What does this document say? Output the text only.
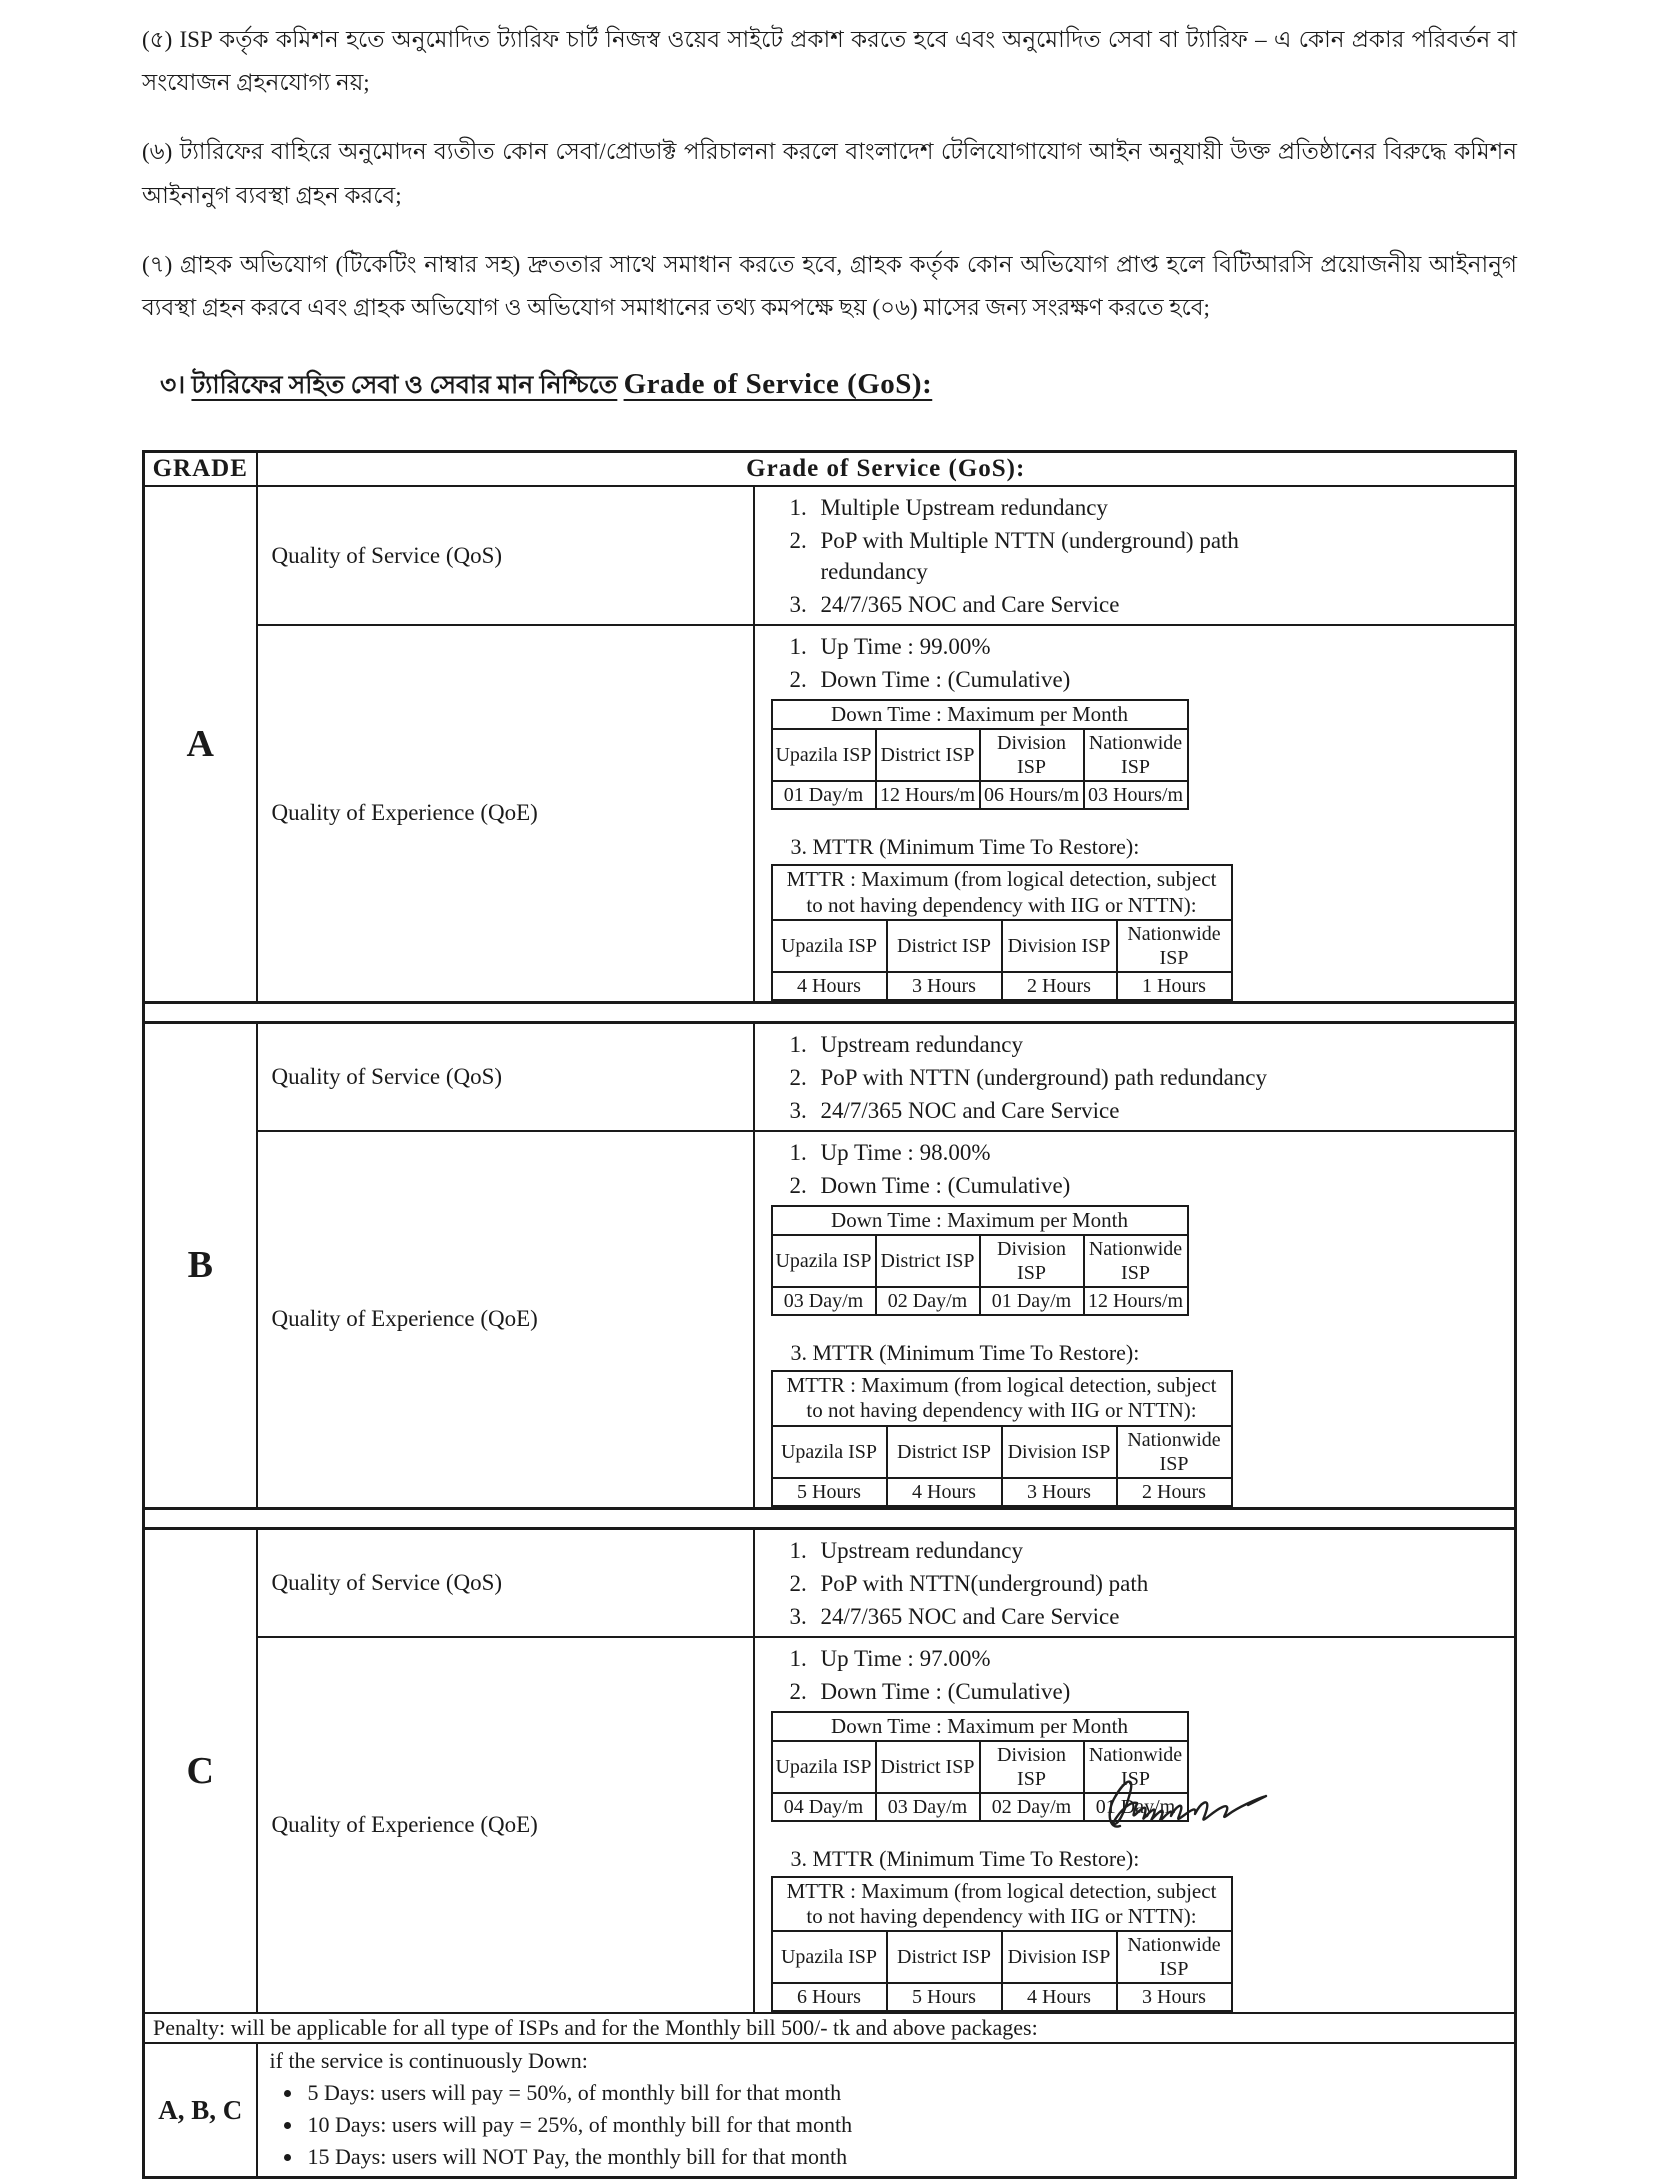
(৫) ISP কর্তৃক কমিশন হতে অনুমোদিত ট্যারিফ চার্ট নিজস্ব ওয়েব সাইটে প্রকাশ করতে হবে এবং অনুমোদিত সেবা বা ট্যারিফ – এ কোন প্রকার পরিবর্তন বা সংযোজন গ্রহনযোগ্য নয়;

(৬) ট্যারিফের বাহিরে অনুমোদন ব্যতীত কোন সেবা/প্রোডাক্ট পরিচালনা করলে বাংলাদেশ টেলিযোগাযোগ আইন অনুযায়ী উক্ত প্রতিষ্ঠানের বিরুদ্ধে কমিশন আইনানুগ ব্যবস্থা গ্রহন করবে;

(৭) গ্রাহক অভিযোগ (টিকেটিং নাম্বার সহ) দ্রুততার সাথে সমাধান করতে হবে, গ্রাহক কর্তৃক কোন অভিযোগ প্রাপ্ত হলে বিটিআরসি প্রয়োজনীয় আইনানুগ ব্যবস্থা গ্রহন করবে এবং গ্রাহক অভিযোগ ও অভিযোগ সমাধানের তথ্য কমপক্ষে ছয় (০৬) মাসের জন্য সংরক্ষণ করতে হবে;

৩। ট্যারিফের সহিত সেবা ও সেবার মান নিশ্চিতে Grade of Service (GoS):
GRADE	Grade of Service (GoS):
A	Quality of Service (QoS)	
1. Multiple Upstream redundancy
2. PoP with Multiple NTTN (underground) path redundancy
3. 24/7/365 NOC and Care Service

Quality of Experience (QoE)	
1. Up Time : 99.00%
2. Down Time : (Cumulative)
Down Time : Maximum per Month
Upazila ISP	District ISP	Division ISP	Nationwide ISP
01 Day/m	12 Hours/m	06 Hours/m	03 Hours/m
3. MTTR (Minimum Time To Restore):
MTTR : Maximum (from logical detection, subject
to not having dependency with IIG or NTTN):

Upazila ISP	District ISP	Division ISP	Nationwide ISP
4 Hours	3 Hours	2 Hours	1 Hours

B	Quality of Service (QoS)	
1. Upstream redundancy
2. PoP with NTTN (underground) path redundancy
3. 24/7/365 NOC and Care Service

Quality of Experience (QoE)	
1. Up Time : 98.00%
2. Down Time : (Cumulative)
Down Time : Maximum per Month
Upazila ISP	District ISP	Division ISP	Nationwide ISP
03 Day/m	02 Day/m	01 Day/m	12 Hours/m
3. MTTR (Minimum Time To Restore):
MTTR : Maximum (from logical detection, subject
to not having dependency with IIG or NTTN):

Upazila ISP	District ISP	Division ISP	Nationwide ISP
5 Hours	4 Hours	3 Hours	2 Hours

C	Quality of Service (QoS)	
1. Upstream redundancy
2. PoP with NTTN(underground) path
3. 24/7/365 NOC and Care Service

Quality of Experience (QoE)	
1. Up Time : 97.00%
2. Down Time : (Cumulative)
Down Time : Maximum per Month
Upazila ISP	District ISP	Division ISP	Nationwide ISP
04 Day/m	03 Day/m	02 Day/m	01 Day/m
3. MTTR (Minimum Time To Restore):
MTTR : Maximum (from logical detection, subject
to not having dependency with IIG or NTTN):

Upazila ISP	District ISP	Division ISP	Nationwide ISP
6 Hours	5 Hours	4 Hours	3 Hours

Penalty: will be applicable for all type of ISPs and for the Monthly bill 500/- tk and above packages:
A, B, C	
if the service is continuously Down:
• 5 Days: users will pay = 50%, of monthly bill for that month
• 10 Days: users will pay = 25%, of monthly bill for that month
• 15 Days: users will NOT Pay, the monthly bill for that month
